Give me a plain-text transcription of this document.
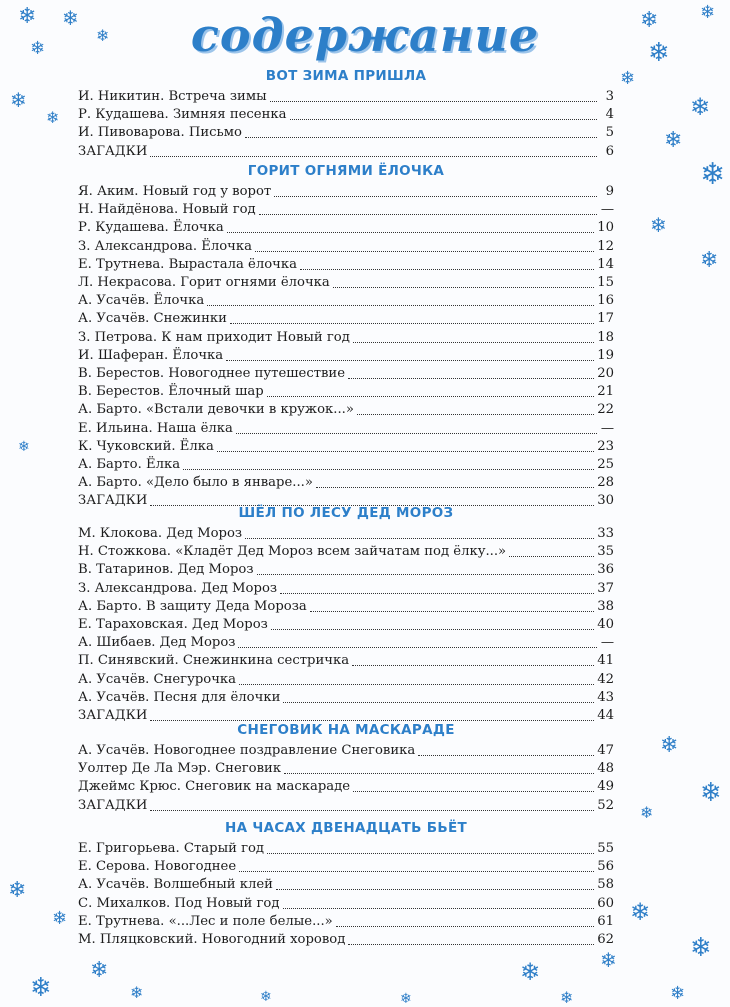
❄ ❄
❄
❄
❄ ❄
❄
❄
❄
❄
❄
❄
❄
❄
❄
❄
❄
❄
❄
❄
❄
❄
❄
❄
❄
❄
❄
❄
❄
❄
❄	❄
содержание
ВОТ ЗИМА ПРИШЛА
И. Никитин. Встреча зимы	3
Р. Кудашева. Зимняя песенка	4
И. Пивоварова. Письмо	5
ЗАГАДКИ	6
ГОРИТ ОГНЯМИ ЁЛОЧКА
Я. Аким. Новый год у ворот	9
Н. Найдёнова. Новый год	—
Р. Кудашева. Ёлочка	10
З. Александрова. Ёлочка	12
Е. Трутнева. Вырастала ёлочка	14
Л. Некрасова. Горит огнями ёлочка	15
А. Усачёв. Ёлочка	16
А. Усачёв. Снежинки	17
З. Петрова. К нам приходит Новый год	18
И. Шаферан. Ёлочка	19
В. Берестов. Новогоднее путешествие	20
В. Берестов. Ёлочный шар	21
А. Барто. «Встали девочки в кружок...»	22
Е. Ильина. Наша ёлка	—
К. Чуковский. Ёлка	23
А. Барто. Ёлка	25
А. Барто. «Дело было в январе...»	28
ЗАГАДКИ	30
ШЁЛ ПО ЛЕСУ ДЕД МОРОЗ
М. Клокова. Дед Мороз	33
Н. Стожкова. «Кладёт Дед Мороз всем зайчатам под ёлку...»	35
В. Татаринов. Дед Мороз	36
З. Александрова. Дед Мороз	37
А. Барто. В защиту Деда Мороза	38
Е. Тараховская. Дед Мороз	40
А. Шибаев. Дед Мороз	—
П. Синявский. Снежинкина сестричка	41
А. Усачёв. Снегурочка	42
А. Усачёв. Песня для ёлочки	43
ЗАГАДКИ	44
СНЕГОВИК НА МАСКАРАДЕ
А. Усачёв. Новогоднее поздравление Снеговика	47
Уолтер Де Ла Мэр. Снеговик	48
Джеймс Крюс. Снеговик на маскараде	49
ЗАГАДКИ	52
НА ЧАСАХ ДВЕНАДЦАТЬ БЬЁТ
Е. Григорьева. Старый год	55
Е. Серова. Новогоднее	56
А. Усачёв. Волшебный клей	58
С. Михалков. Под Новый год	60
Е. Трутнева. «...Лес и поле белые...»	61
М. Пляцковский. Новогодний хоровод	62
